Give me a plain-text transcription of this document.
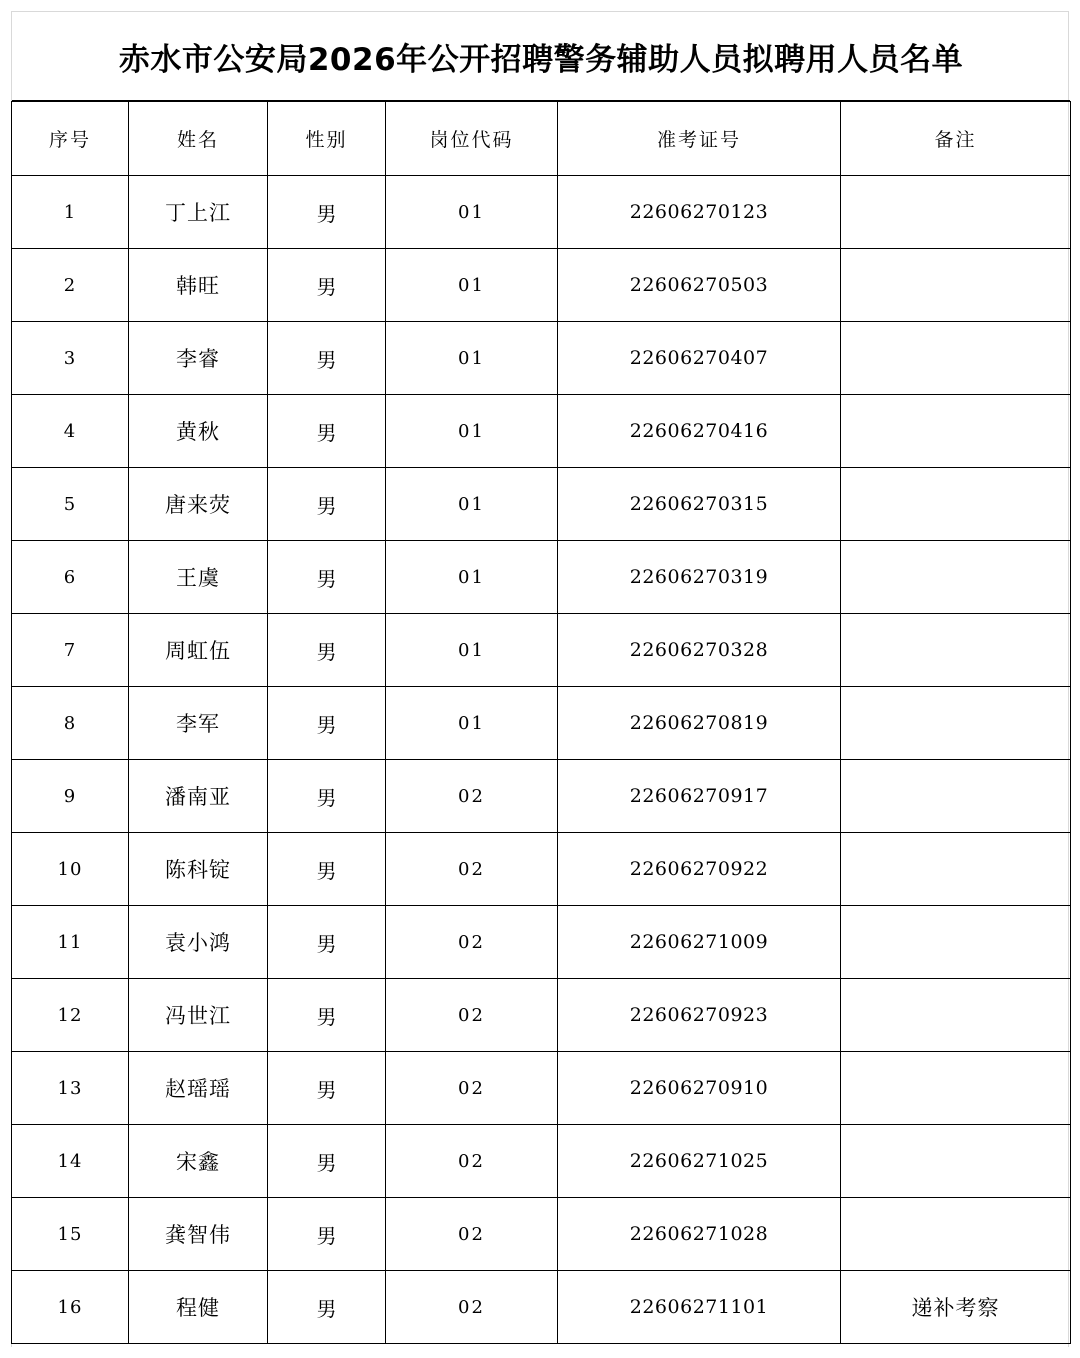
赤水市公安局2026年公开招聘警务辅助人员拟聘用人员名单
序号	姓名	性别	岗位代码	准考证号	备注
1	丁上江	男	01	22606270123	
2	韩旺	男	01	22606270503	
3	李睿	男	01	22606270407	
4	黄秋	男	01	22606270416	
5	唐来荧	男	01	22606270315	
6	王虞	男	01	22606270319	
7	周虹伍	男	01	22606270328	
8	李军	男	01	22606270819	
9	潘南亚	男	02	22606270917	
10	陈科锭	男	02	22606270922	
11	袁小鸿	男	02	22606271009	
12	冯世江	男	02	22606270923	
13	赵瑶瑶	男	02	22606270910	
14	宋鑫	男	02	22606271025	
15	龚智伟	男	02	22606271028	
16	程健	男	02	22606271101	递补考察
